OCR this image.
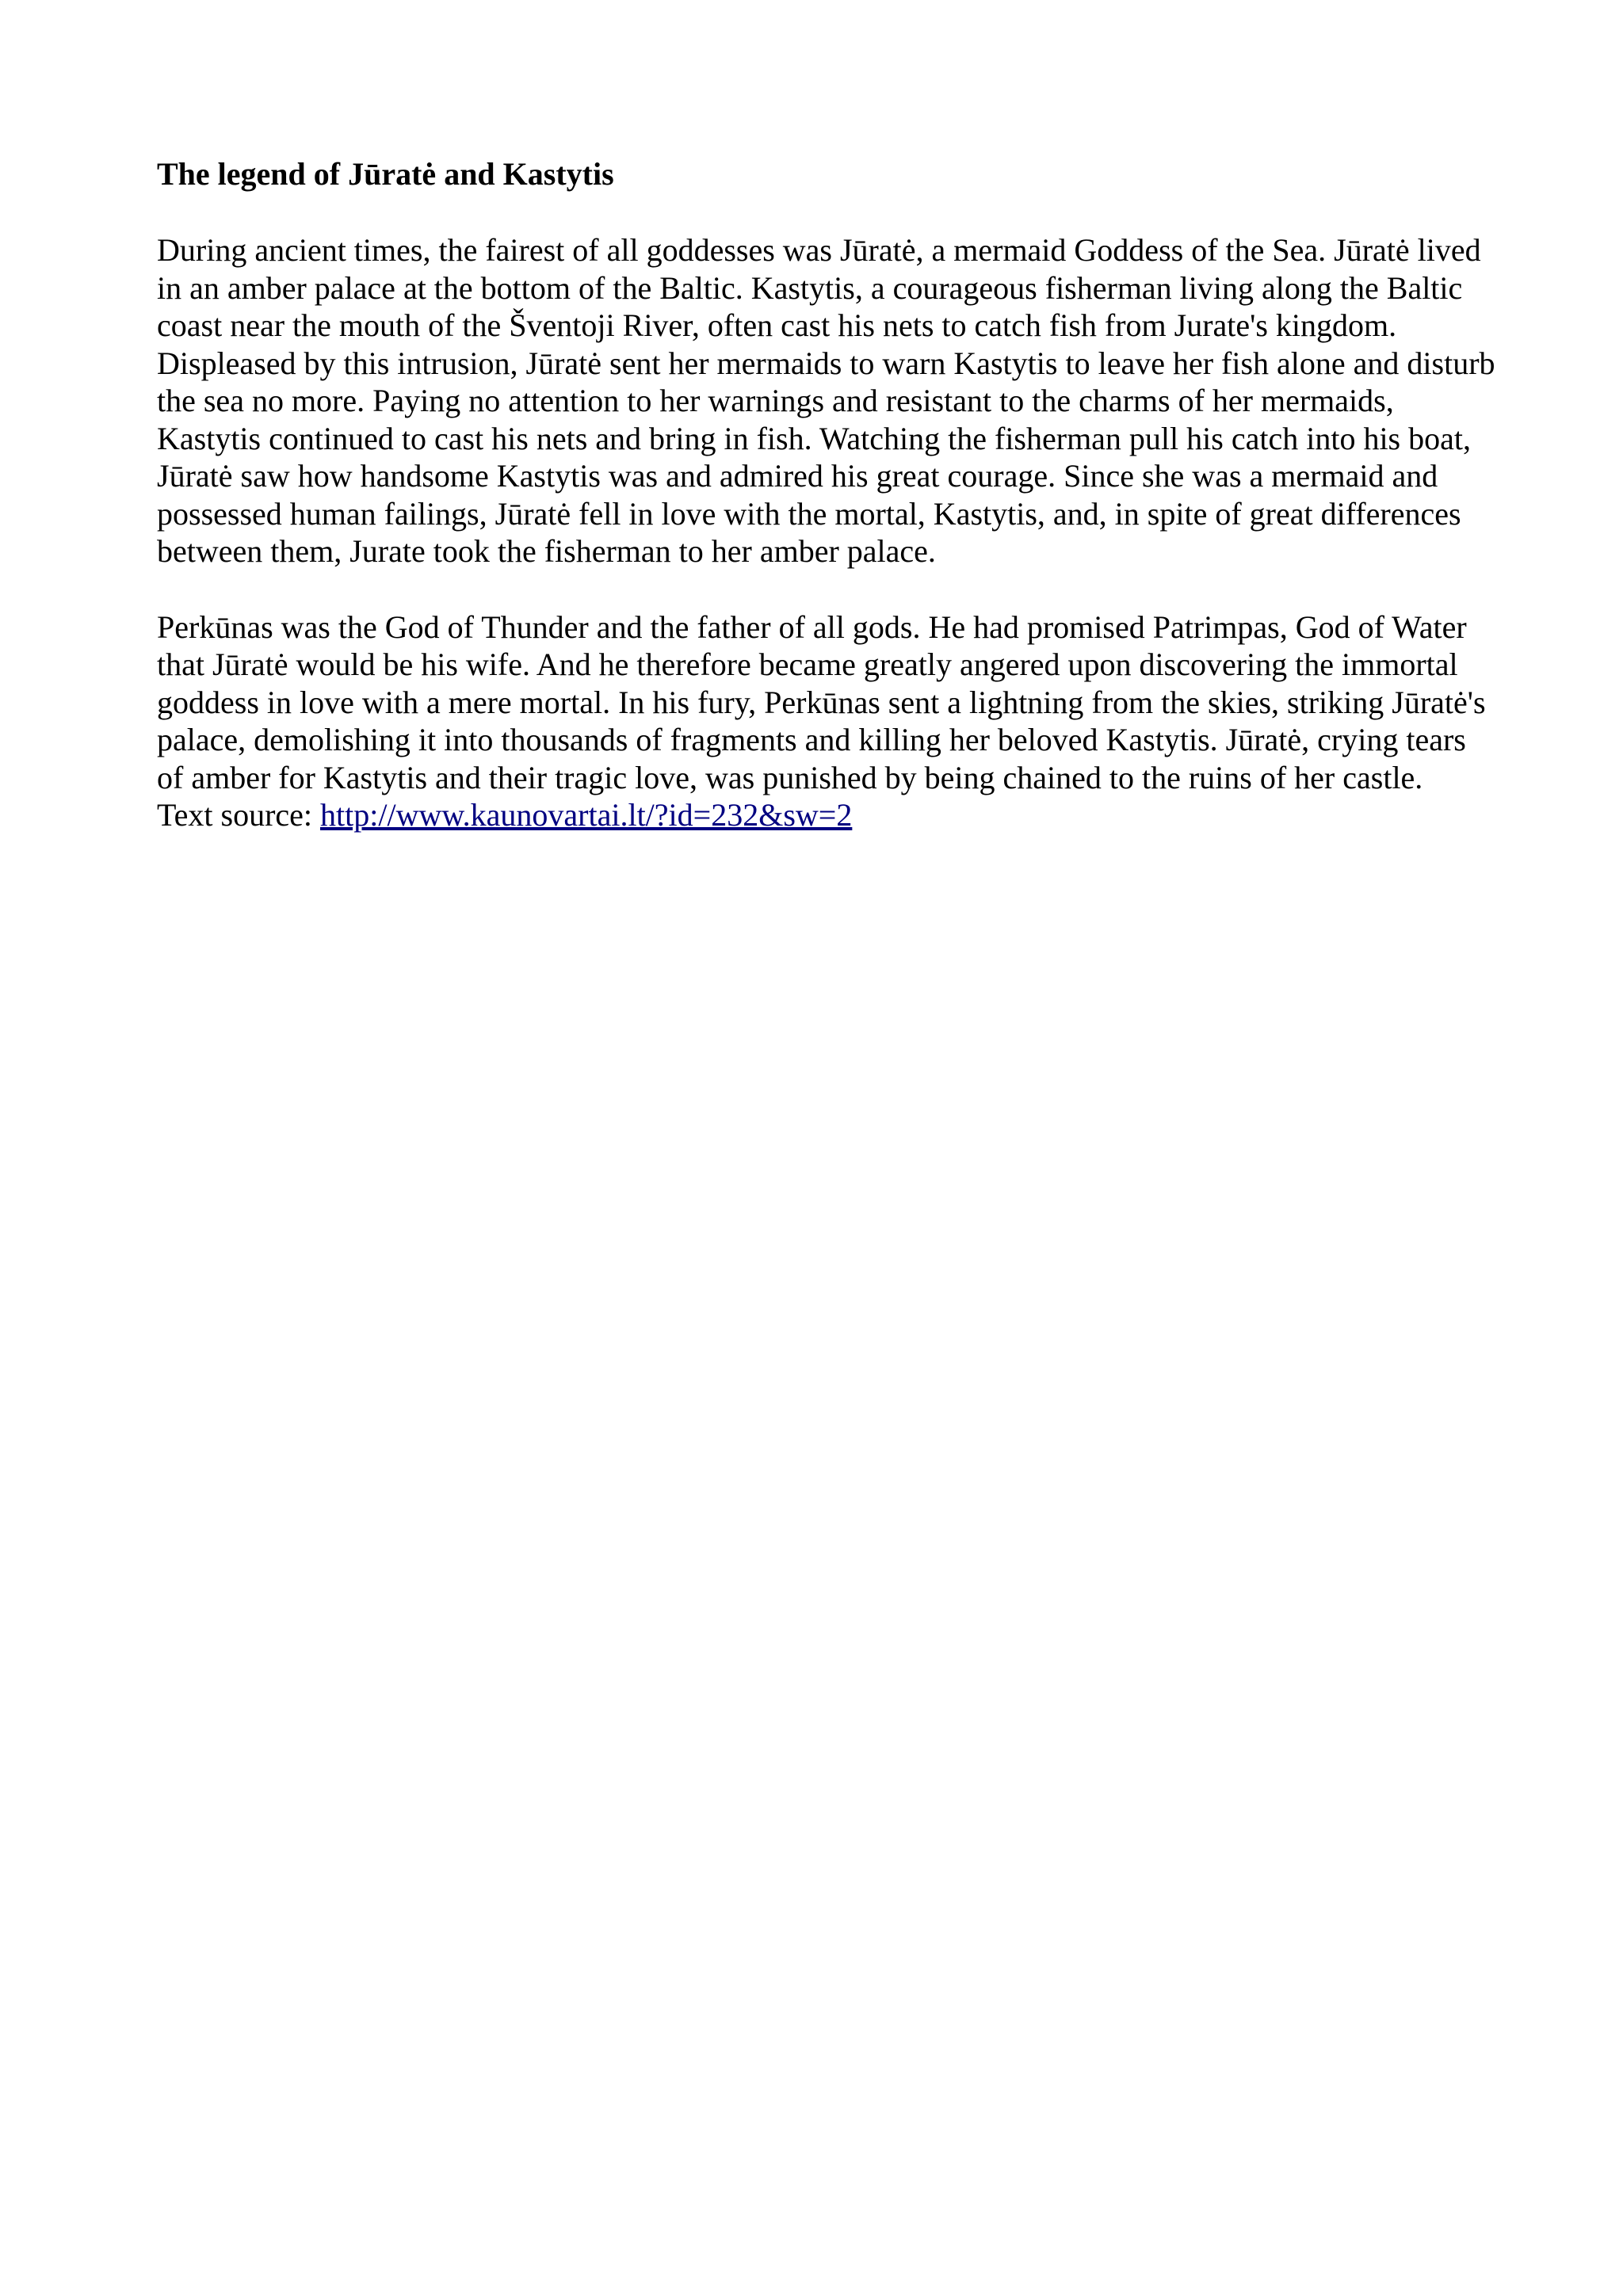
The legend of Jūratė and Kastytis

During ancient times, the fairest of all goddesses was Jūratė, a mermaid Goddess of the Sea. Jūratė lived in an amber palace at the bottom of the Baltic. Kastytis, a courageous fisherman living along the Baltic coast near the mouth of the Šventoji River, often cast his nets to catch fish from Jurate's kingdom. Displeased by this intrusion, Jūratė sent her mermaids to warn Kastytis to leave her fish alone and disturb the sea no more. Paying no attention to her warnings and resistant to the charms of her mermaids, Kastytis continued to cast his nets and bring in fish. Watching the fisherman pull his catch into his boat, Jūratė saw how handsome Kastytis was and admired his great courage. Since she was a mermaid and possessed human failings, Jūratė fell in love with the mortal, Kastytis, and, in spite of great differences between them, Jurate took the fisherman to her amber palace.

Perkūnas was the God of Thunder and the father of all gods. He had promised Patrimpas, God of Water that Jūratė would be his wife. And he therefore became greatly angered upon discovering the immortal goddess in love with a mere mortal. In his fury, Perkūnas sent a lightning from the skies, striking Jūratė's palace, demolishing it into thousands of fragments and killing her beloved Kastytis. Jūratė, crying tears of amber for Kastytis and their tragic love, was punished by being chained to the ruins of her castle.

Text source: http://www.kaunovartai.lt/?id=232&sw=2
